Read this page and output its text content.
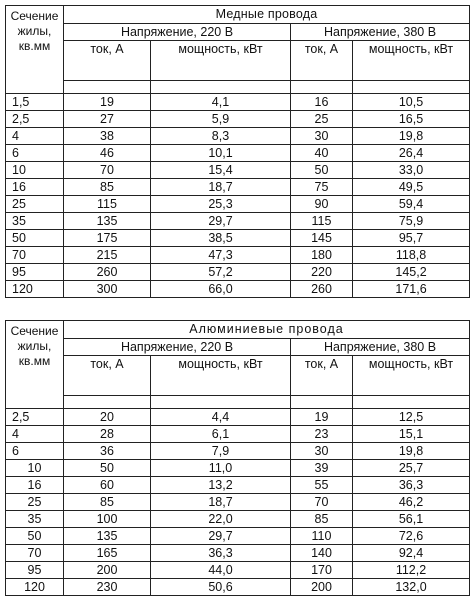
Сечение
жилы,
кв.мм	Медные провода			
	Напряжение, 220 В		Напряжение, 380 В	
	ток, А	мощность, кВт	ток, А	мощность, кВт

1,5	19	4,1	16	10,5
2,5	27	5,9	25	16,5
4	38	8,3	30	19,8
6	46	10,1	40	26,4
10	70	15,4	50	33,0
16	85	18,7	75	49,5
25	115	25,3	90	59,4
35	135	29,7	115	75,9
50	175	38,5	145	95,7
70	215	47,3	180	118,8
95	260	57,2	220	145,2
120	300	66,0	260	171,6
Сечение
жилы,
кв.мм	Алюминиевые провода			
	Напряжение, 220 В		Напряжение, 380 В	
	ток, А	мощность, кВт	ток, А	мощность, кВт

2,5	20	4,4	19	12,5
4	28	6,1	23	15,1
6	36	7,9	30	19,8
10	50	11,0	39	25,7
16	60	13,2	55	36,3
25	85	18,7	70	46,2
35	100	22,0	85	56,1
50	135	29,7	110	72,6
70	165	36,3	140	92,4
95	200	44,0	170	112,2
120	230	50,6	200	132,0
